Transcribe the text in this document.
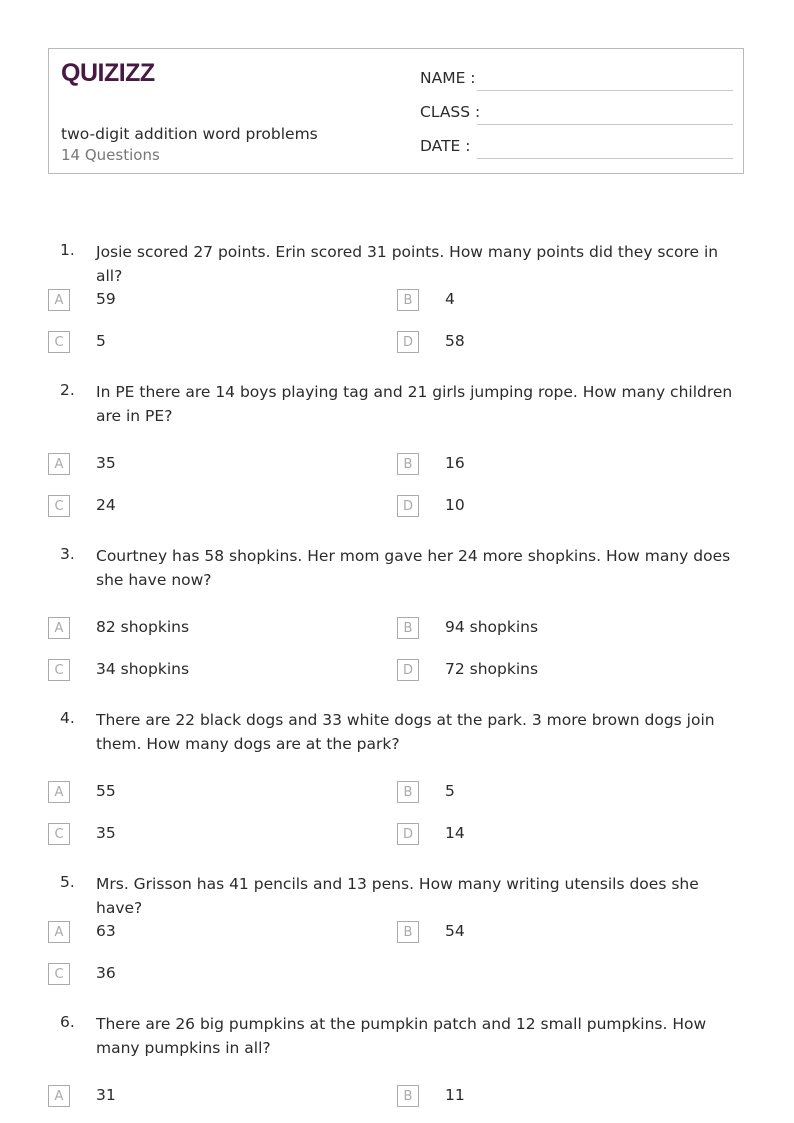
QUIZIZZ
two-digit addition word problems
14 Questions
NAME :
CLASS :
DATE :
1. Josie scored 27 points. Erin scored 31 points. How many points did they score in all?
A	59	B	4
C	5	D	58
2. In PE there are 14 boys playing tag and 21 girls jumping rope. How many children are in PE?
A	35	B	16
C	24	D	10
3. Courtney has 58 shopkins. Her mom gave her 24 more shopkins. How many does she have now?
A	82 shopkins	B	94 shopkins
C	34 shopkins	D	72 shopkins
4. There are 22 black dogs and 33 white dogs at the park. 3 more brown dogs join them. How many dogs are at the park?
A	55	B	5
C	35	D	14
5. Mrs. Grisson has 41 pencils and 13 pens. How many writing utensils does she have?
A	63	B	54
C	36
6. There are 26 big pumpkins at the pumpkin patch and 12 small pumpkins. How many pumpkins in all?
A	31	B	11
